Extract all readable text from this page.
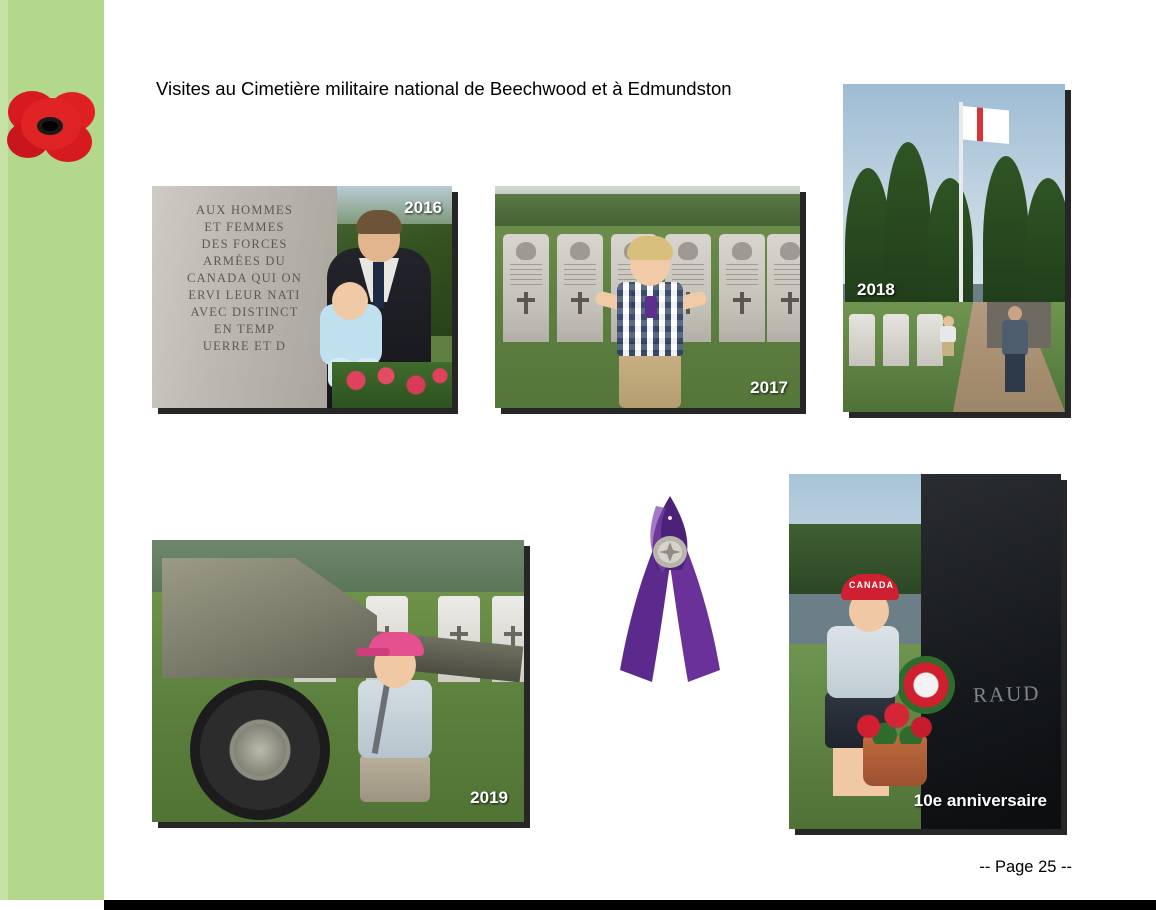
Visites au Cimetière militaire national de Beechwood et à Edmundston
AUX HOMMES
ET FEMMES
DES FORCES
ARMÉES DU
CANADA QUI ON
ERVI LEUR NATI
AVEC DISTINCT
EN TEMP
UERRE ET D
2016
2017
2018
2019
RAUD
CANADA
10e anniversaire
-- Page 25 --
